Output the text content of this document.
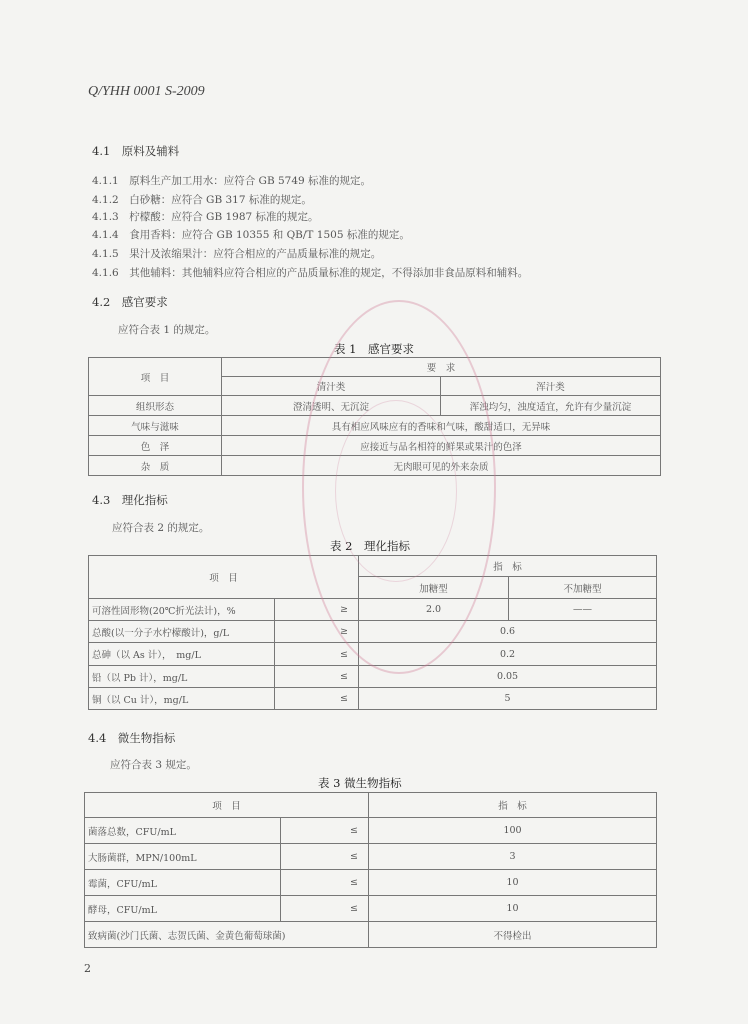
Q/YHH 0001 S-2009
4.1　原料及辅料
4.1.1　原料生产加工用水：应符合 GB 5749 标准的规定。
4.1.2　白砂糖：应符合 GB 317 标准的规定。
4.1.3　柠檬酸：应符合 GB 1987 标准的规定。
4.1.4　食用香料：应符合 GB 10355 和 QB/T 1505 标准的规定。
4.1.5　果汁及浓缩果汁：应符合相应的产品质量标准的规定。
4.1.6　其他辅料：其他辅料应符合相应的产品质量标准的规定，不得添加非食品原料和辅料。
4.2　感官要求
应符合表 1 的规定。
表 1　感官要求
项　目	要　求	
	清汁类	浑汁类
组织形态	澄清透明、无沉淀	浑浊均匀，浊度适宜，允许有少量沉淀
气味与滋味	具有相应风味应有的香味和气味，酸甜适口，无异味	
色　泽	应接近与品名相符的鲜果或果汁的色泽	
杂　质	无肉眼可见的外来杂质	
4.3　理化指标
应符合表 2 的规定。
表 2　理化指标
项　目		指　标	
		加糖型	不加糖型
可溶性固形物(20℃折光法计)，%	≥	2.0	——
总酸(以一分子水柠檬酸计)，g/L	≥	0.6	
总砷（以 As 计），　mg/L	≤	0.2	
铅（以 Pb 计），mg/L	≤	0.05	
铜（以 Cu 计），mg/L	≤	5	
4.4　微生物指标
应符合表 3 规定。
表 3 微生物指标
项　目		指　标
菌落总数，CFU/mL	≤	100
大肠菌群，MPN/100mL	≤	3
霉菌，CFU/mL	≤	10
酵母，CFU/mL	≤	10
致病菌(沙门氏菌、志贺氏菌、金黄色葡萄球菌)		不得检出
2
